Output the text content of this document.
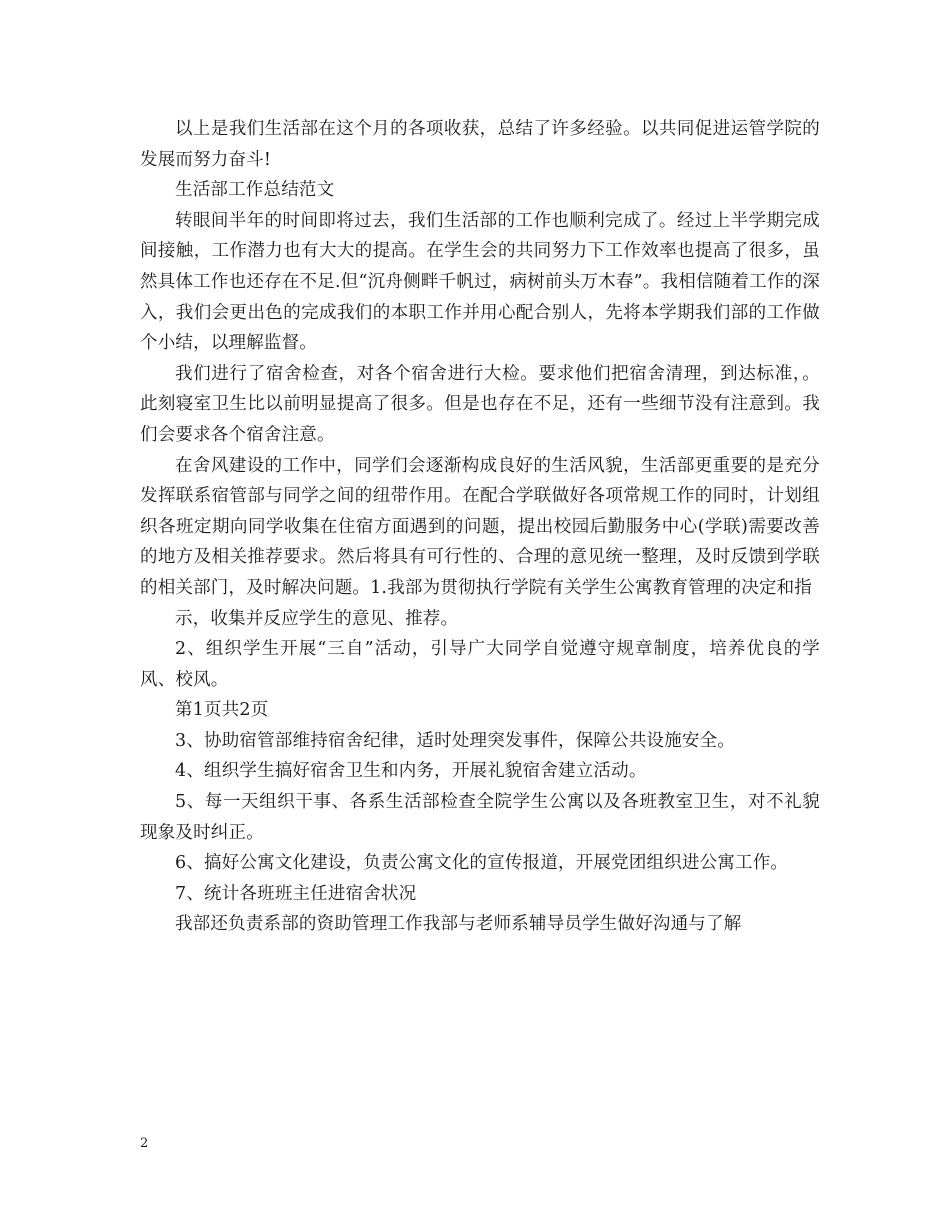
以上是我们生活部在这个月的各项收获，总结了许多经验。以共同促进运管学院的发展而努力奋斗!

生活部工作总结范文

转眼间半年的时间即将过去，我们生活部的工作也顺利完成了。经过上半学期完成间接触，工作潜力也有大大的提高。在学生会的共同努力下工作效率也提高了很多，虽然具体工作也还存在不足.但“沉舟侧畔千帆过，病树前头万木春”。我相信随着工作的深入，我们会更出色的完成我们的本职工作并用心配合别人，先将本学期我们部的工作做个小结，以理解监督。

我们进行了宿舍检查，对各个宿舍进行大检。要求他们把宿舍清理，到达标准，。此刻寝室卫生比以前明显提高了很多。但是也存在不足，还有一些细节没有注意到。我们会要求各个宿舍注意。

在舍风建设的工作中，同学们会逐渐构成良好的生活风貌，生活部更重要的是充分发挥联系宿管部与同学之间的纽带作用。在配合学联做好各项常规工作的同时，计划组织各班定期向同学收集在住宿方面遇到的问题，提出校园后勤服务中心(学联)需要改善的地方及相关推荐要求。然后将具有可行性的、合理的意见统一整理，及时反馈到学联的相关部门，及时解决问题。1.我部为贯彻执行学院有关学生公寓教育管理的决定和指

示，收集并反应学生的意见、推荐。

2、组织学生开展“三自”活动，引导广大同学自觉遵守规章制度，培养优良的学风、校风。

第1页共2页

3、协助宿管部维持宿舍纪律，适时处理突发事件，保障公共设施安全。

4、组织学生搞好宿舍卫生和内务，开展礼貌宿舍建立活动。

5、每一天组织干事、各系生活部检查全院学生公寓以及各班教室卫生，对不礼貌现象及时纠正。

6、搞好公寓文化建设，负责公寓文化的宣传报道，开展党团组织进公寓工作。

7、统计各班班主任进宿舍状况

我部还负责系部的资助管理工作我部与老师系辅导员学生做好沟通与了解

2
